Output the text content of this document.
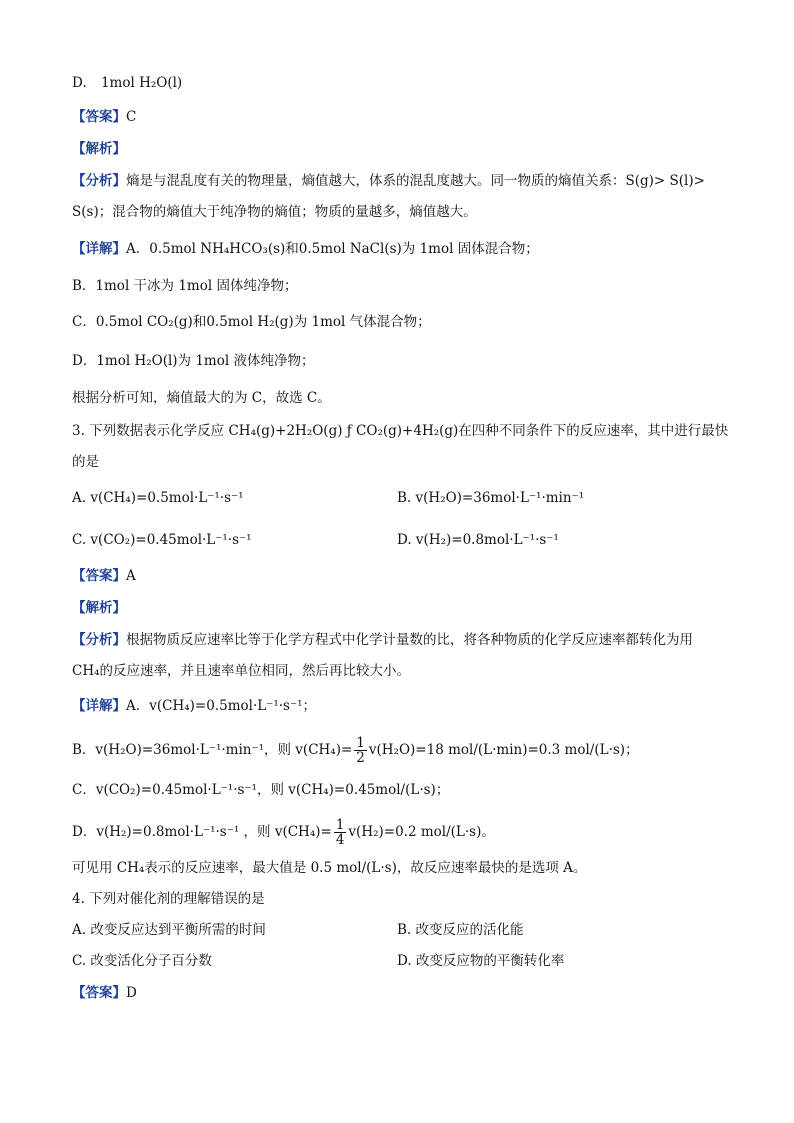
D. 1mol H₂O(l)
【答案】C
【解析】
【分析】熵是与混乱度有关的物理量，熵值越大，体系的混乱度越大。同一物质的熵值关系：S(g)> S(l)>
S(s)；混合物的熵值大于纯净物的熵值；物质的量越多，熵值越大。
【详解】A．0.5mol NH₄HCO₃(s)和0.5mol NaCl(s)为 1mol 固体混合物；
B．1mol 干冰为 1mol 固体纯净物；
C．0.5mol CO₂(g)和0.5mol H₂(g)为 1mol 气体混合物；
D．1mol H₂O(l)为 1mol 液体纯净物；
根据分析可知，熵值最大的为 C，故选 C。
3. 下列数据表示化学反应 CH₄(g)+2H₂O(g) ƒ CO₂(g)+4H₂(g)在四种不同条件下的反应速率，其中进行最快
的是
A. v(CH₄)=0.5mol·L⁻¹·s⁻¹	B. v(H₂O)=36mol·L⁻¹·min⁻¹
C. v(CO₂)=0.45mol·L⁻¹·s⁻¹	D. v(H₂)=0.8mol·L⁻¹·s⁻¹
【答案】A
【解析】
【分析】根据物质反应速率比等于化学方程式中化学计量数的比，将各种物质的化学反应速率都转化为用
CH₄的反应速率，并且速率单位相同，然后再比较大小。
【详解】A．v(CH₄)=0.5mol·L⁻¹·s⁻¹；
B．v(H₂O)=36mol·L⁻¹·min⁻¹，则 $v(CH_4)= \frac{1}{2} v(H_2O)=18$ mol/(L·min)=0.3 mol/(L·s)；
C．v(CO₂)=0.45mol·L⁻¹·s⁻¹，则 v(CH₄)=0.45mol/(L·s)；
D．v(H₂)=0.8mol·L⁻¹·s⁻¹ ，则 $v(CH_4)= \frac{1}{4} v(H_2)=0.2$ mol/(L·s)。
可见用 CH₄表示的反应速率，最大值是 0.5 mol/(L·s)，故反应速率最快的是选项 A。
4. 下列对催化剂的理解错误的是
A. 改变反应达到平衡所需的时间	B. 改变反应的活化能
C. 改变活化分子百分数	D. 改变反应物的平衡转化率
【答案】D
